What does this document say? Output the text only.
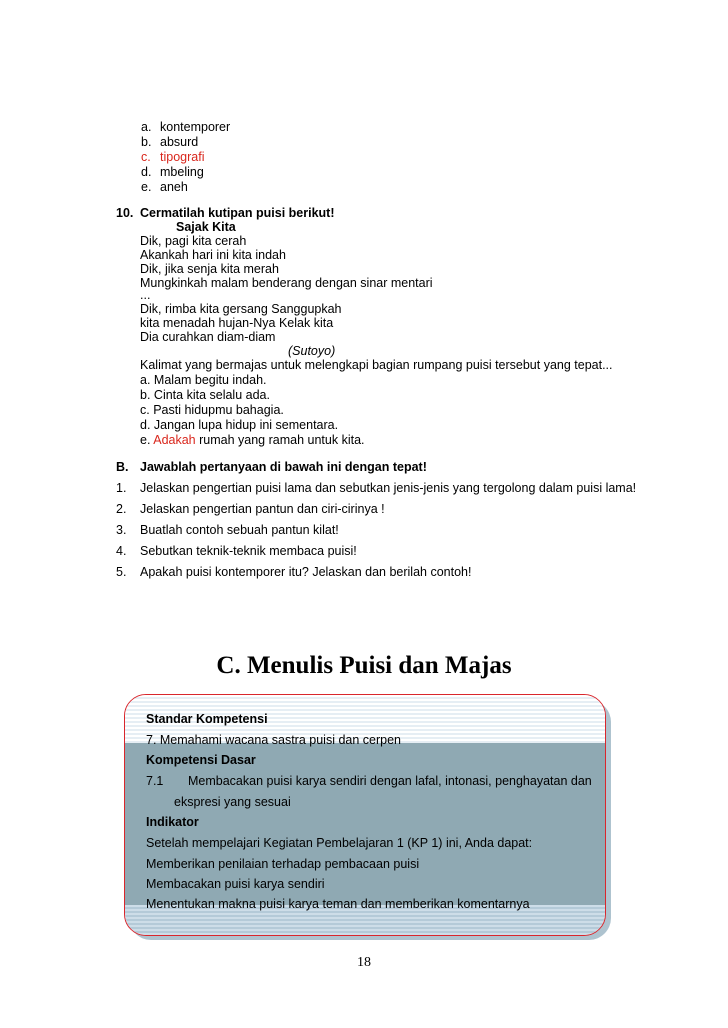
a. kontemporer
b. absurd
c. tipografi
d. mbeling
e. aneh
10. Cermatilah kutipan puisi berikut!
Sajak Kita
Dik, pagi kita cerah
Akankah hari ini kita indah
Dik, jika senja kita merah
Mungkinkah malam benderang dengan sinar mentari
...
Dik, rimba kita gersang Sanggupkah
kita menadah hujan-Nya Kelak kita
Dia curahkan diam-diam
(Sutoyo)
Kalimat yang bermajas untuk melengkapi bagian rumpang puisi tersebut yang tepat...
a. Malam begitu indah.
b. Cinta kita selalu ada.
c. Pasti hidupmu bahagia.
d. Jangan lupa hidup ini sementara.
e. Adakah rumah yang ramah untuk kita.
B. Jawablah pertanyaan di bawah ini dengan tepat!
1. Jelaskan pengertian puisi lama dan sebutkan jenis-jenis yang tergolong dalam puisi lama!
2. Jelaskan pengertian pantun dan ciri-cirinya !
3. Buatlah contoh sebuah pantun kilat!
4. Sebutkan teknik-teknik membaca puisi!
5. Apakah puisi kontemporer itu? Jelaskan dan berilah contoh!
C. Menulis Puisi dan Majas
Standar Kompetensi
7. Memahami wacana sastra puisi dan cerpen
Kompetensi Dasar
7.1 Membacakan puisi karya sendiri dengan lafal, intonasi, penghayatan dan
ekspresi yang sesuai
Indikator
Setelah mempelajari Kegiatan Pembelajaran 1 (KP 1) ini, Anda dapat:
Memberikan penilaian terhadap pembacaan puisi
Membacakan puisi karya sendiri
Menentukan makna puisi karya teman dan memberikan komentarnya
18
